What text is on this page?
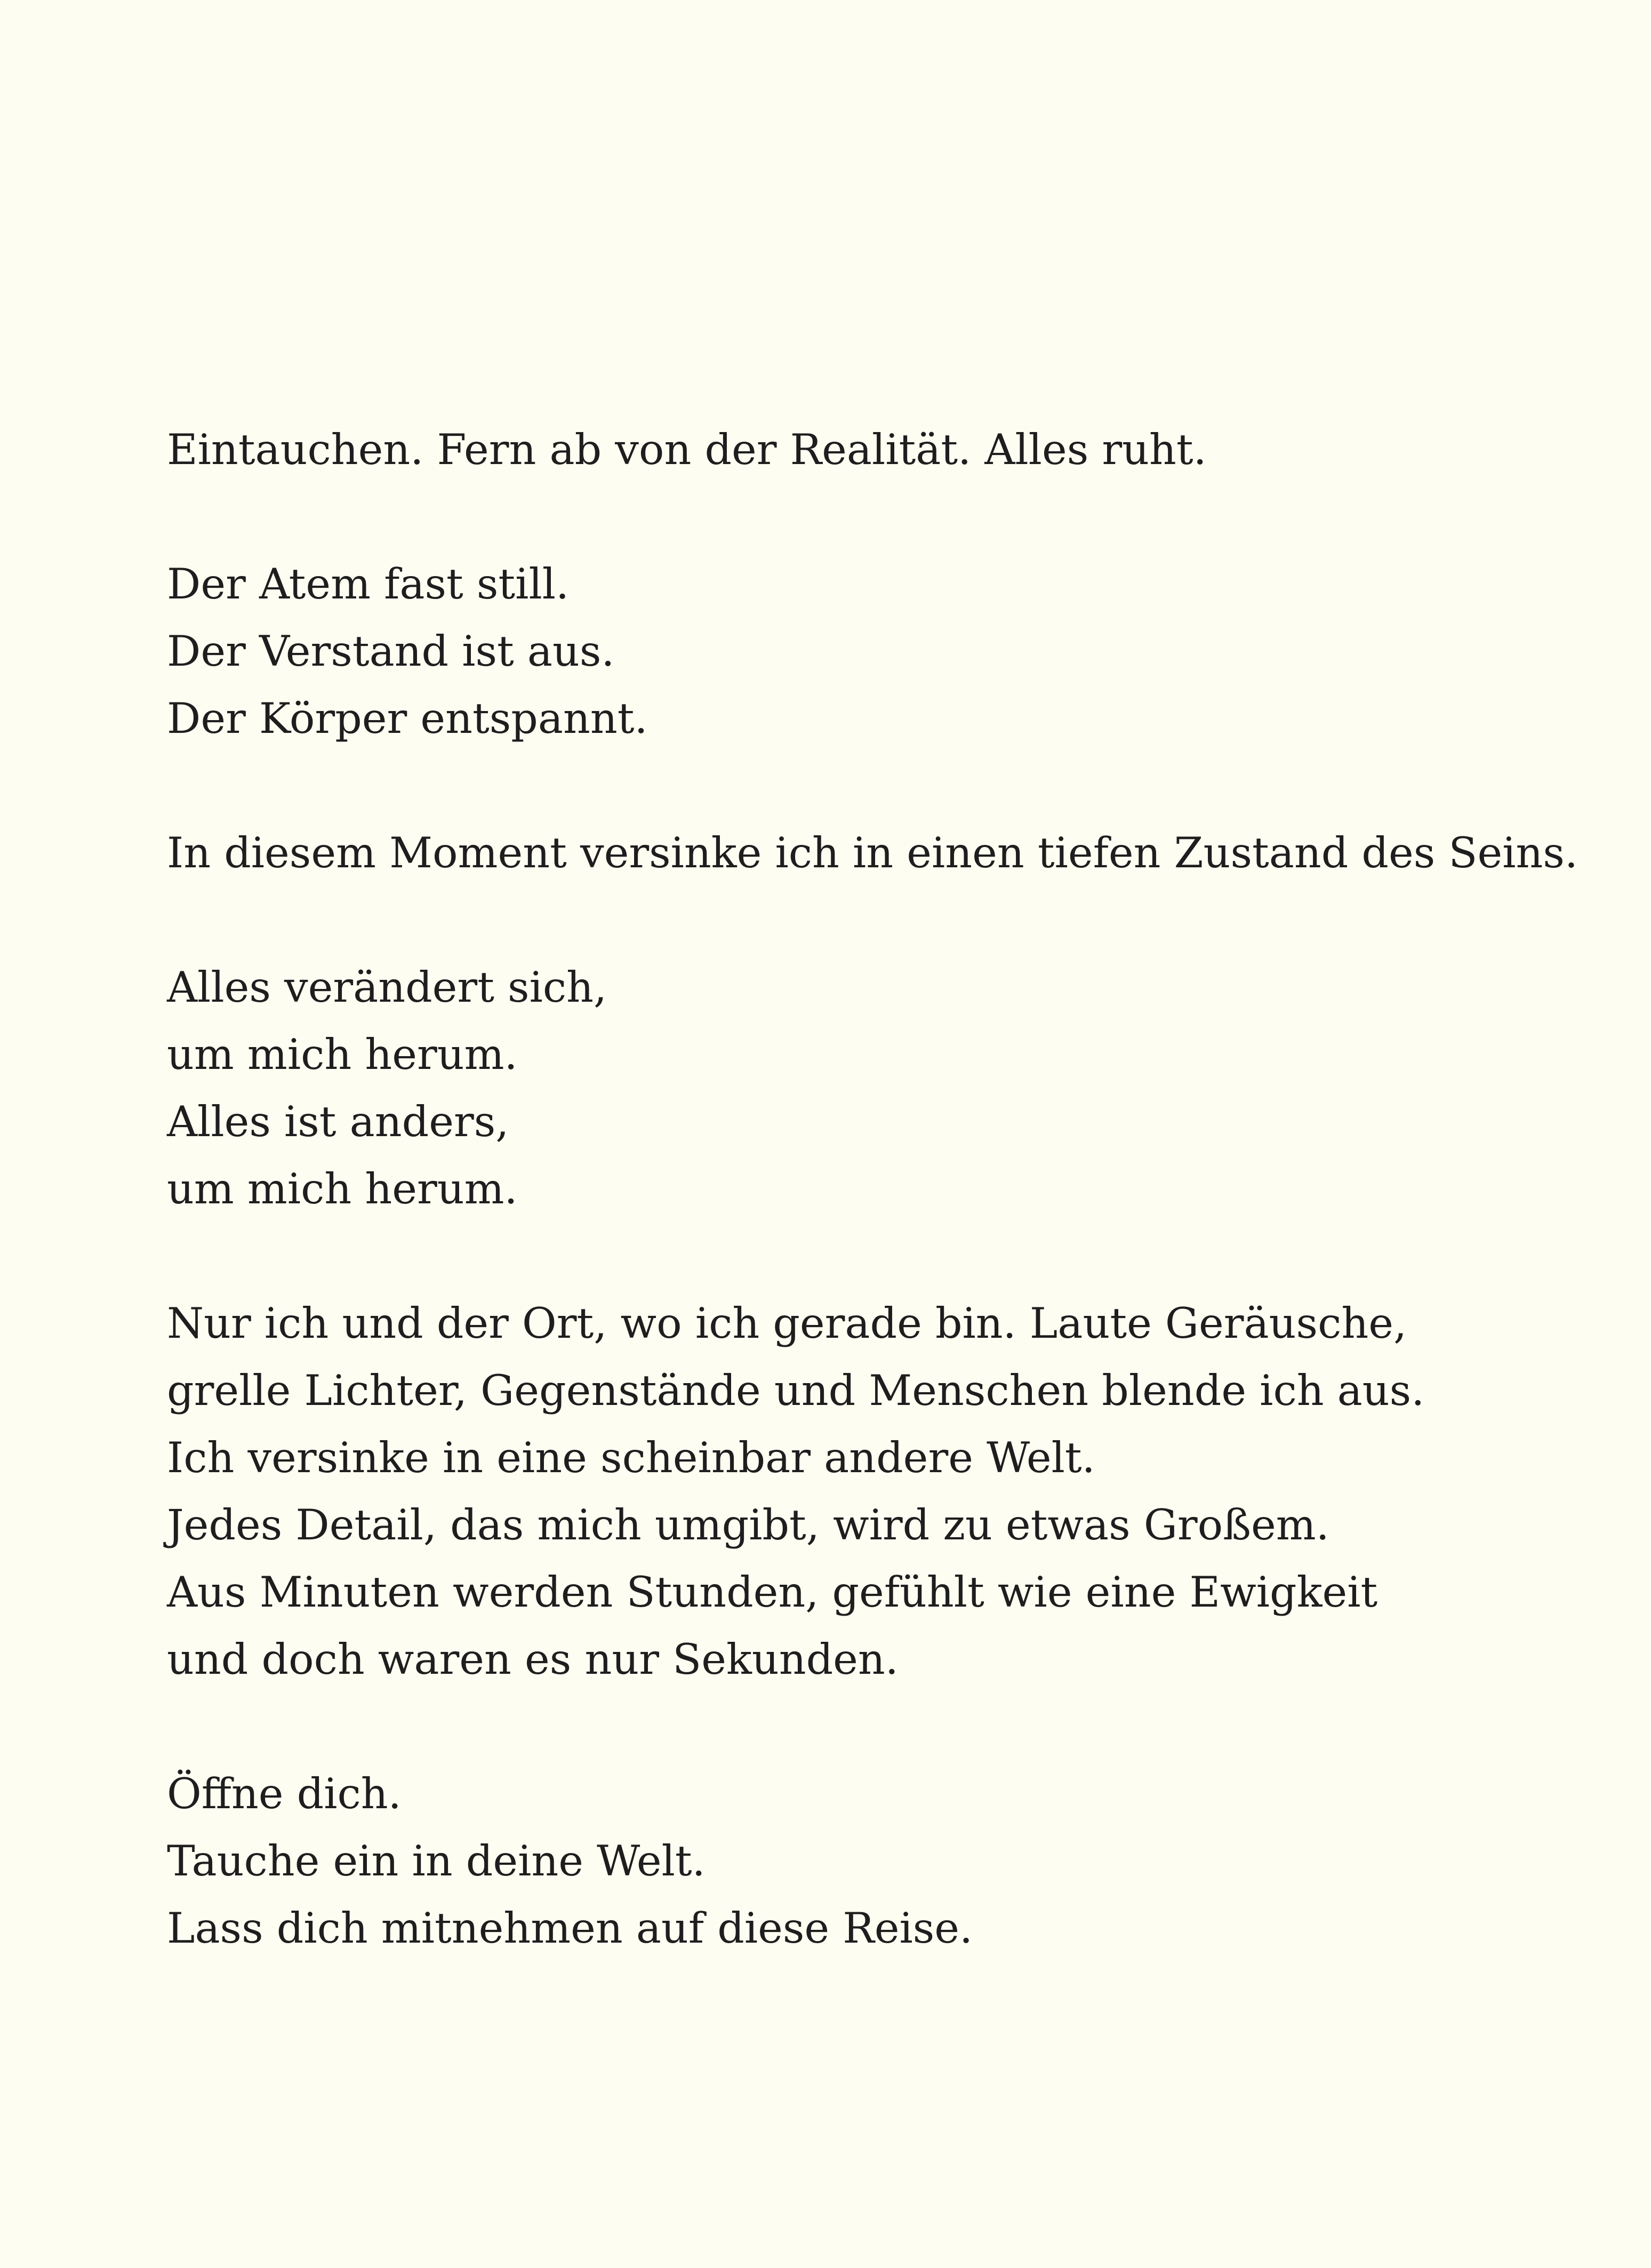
Eintauchen. Fern ab von der Realität. Alles ruht.

Der Atem fast still.
Der Verstand ist aus.
Der Körper entspannt.

In diesem Moment versinke ich in einen tiefen Zustand des Seins.

Alles verändert sich,
um mich herum.
Alles ist anders,
um mich herum.

Nur ich und der Ort, wo ich gerade bin. Laute Geräusche,
grelle Lichter, Gegenstände und Menschen blende ich aus.
Ich versinke in eine scheinbar andere Welt.
Jedes Detail, das mich umgibt, wird zu etwas Großem.
Aus Minuten werden Stunden, gefühlt wie eine Ewigkeit
und doch waren es nur Sekunden.

Öffne dich.
Tauche ein in deine Welt.
Lass dich mitnehmen auf diese Reise.
